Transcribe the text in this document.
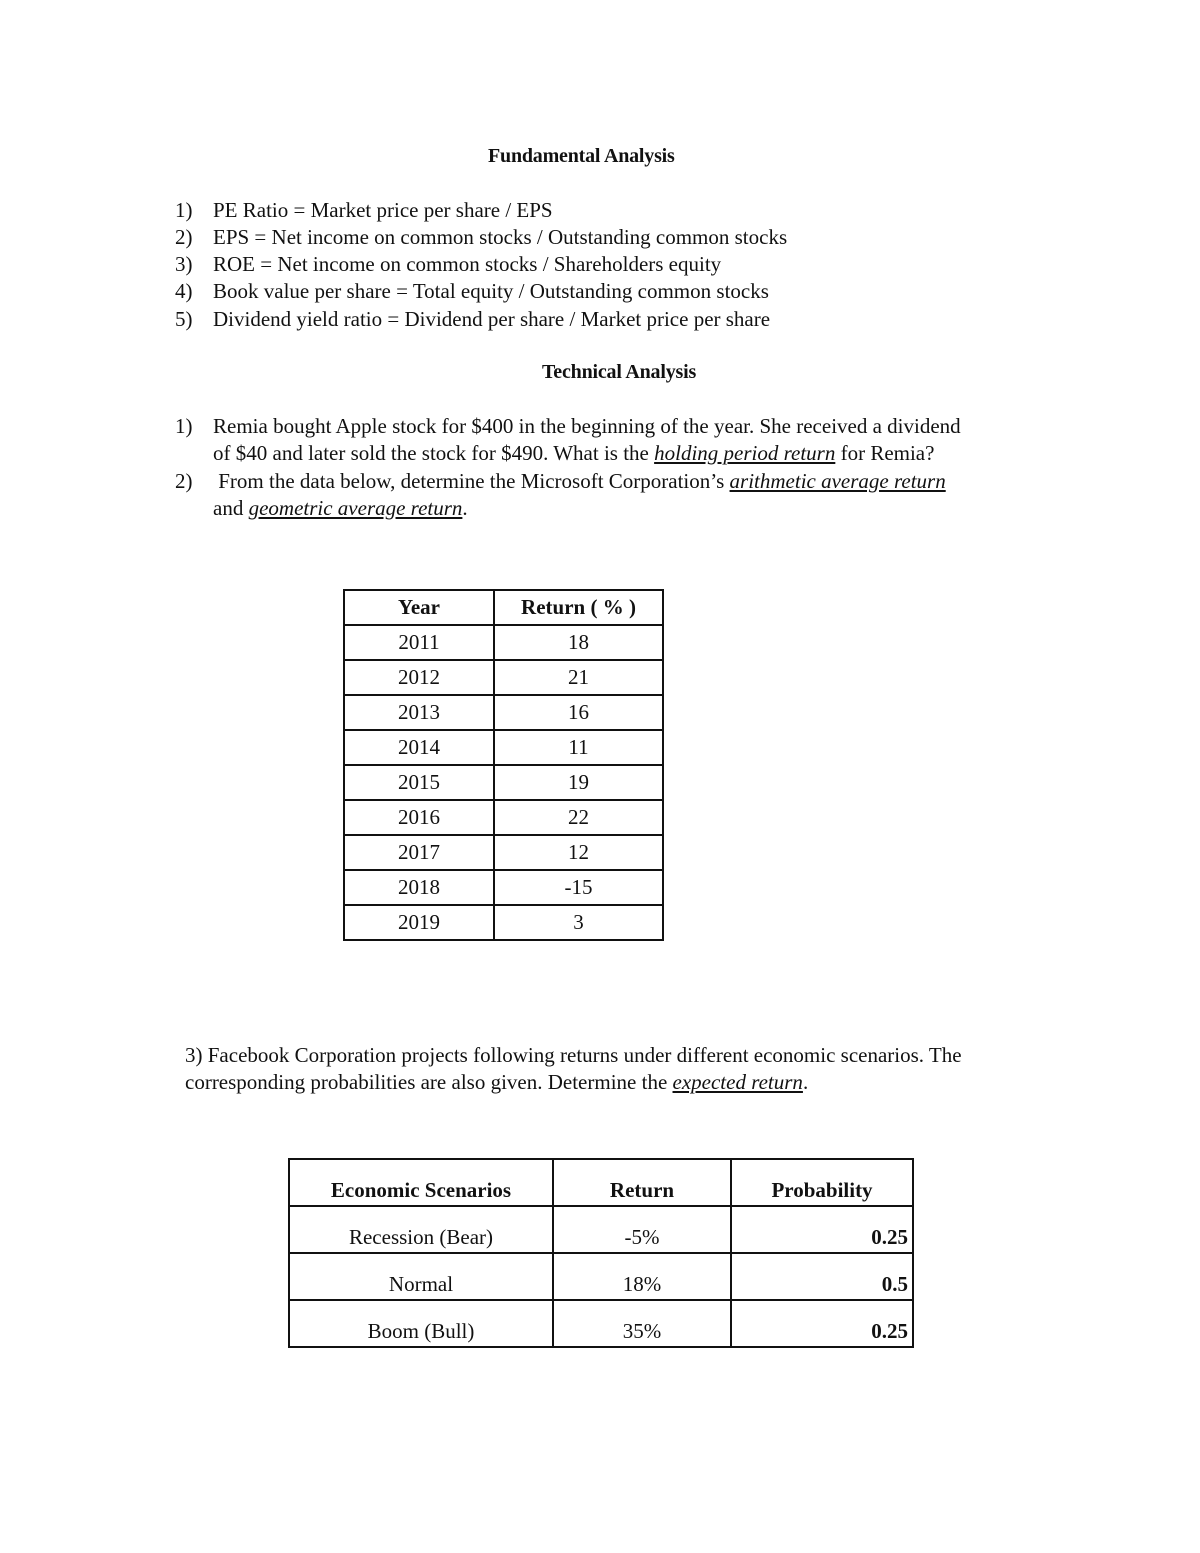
Fundamental Analysis
1) PE Ratio = Market price per share / EPS
2) EPS = Net income on common stocks / Outstanding common stocks
3) ROE = Net income on common stocks / Shareholders equity
4) Book value per share = Total equity / Outstanding common stocks
5) Dividend yield ratio = Dividend per share / Market price per share
Technical Analysis
1) Remia bought Apple stock for $400 in the beginning of the year. She received a dividend
of $40 and later sold the stock for $490. What is the holding period return for Remia?
2) From the data below, determine the Microsoft Corporation’s arithmetic average return
and geometric average return.
Year	Return ( % )
2011	18
2012	21
2013	16
2014	11
2015	19
2016	22
2017	12
2018	-15
2019	3
3) Facebook Corporation projects following returns under different economic scenarios. The
corresponding probabilities are also given. Determine the expected return.
Economic Scenarios	Return	Probability
Recession (Bear)	-5%	0.25
Normal	18%	0.5
Boom (Bull)	35%	0.25
